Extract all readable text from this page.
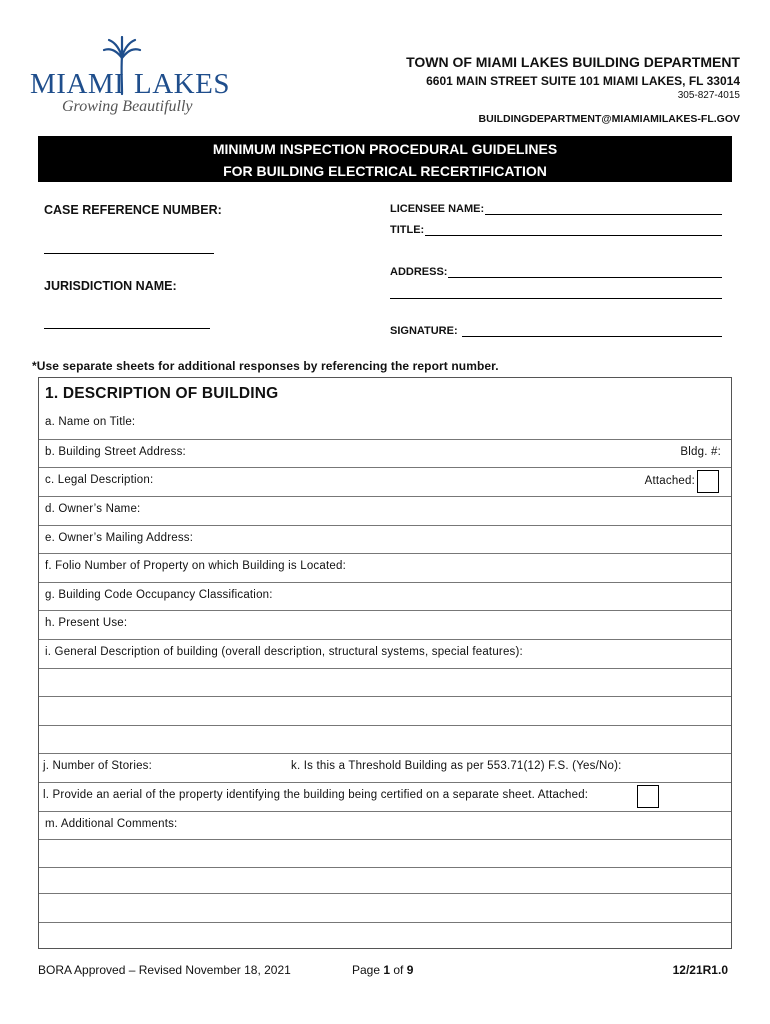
MIAMI LAKES
Growing Beautifully
TOWN OF MIAMI LAKES BUILDING DEPARTMENT
6601 MAIN STREET SUITE 101 MIAMI LAKES, FL 33014
305-827-4015
BUILDINGDEPARTMENT@MIAMIAMILAKES-FL.GOV
MINIMUM INSPECTION PROCEDURAL GUIDELINES
FOR BUILDING ELECTRICAL RECERTIFICATION
CASE REFERENCE NUMBER:
JURISDICTION NAME:
LICENSEE NAME:
TITLE:
ADDRESS:
SIGNATURE:
*Use separate sheets for additional responses by referencing the report number.
1. DESCRIPTION OF BUILDING
a. Name on Title:
b. Building Street Address:	Bldg. #:
c. Legal Description:	Attached:
d. Owner’s Name:
e. Owner’s Mailing Address:
f. Folio Number of Property on which Building is Located:
g. Building Code Occupancy Classification:
h. Present Use:
i. General Description of building (overall description, structural systems, special features):
j. Number of Stories:	k. Is this a Threshold Building as per 553.71(12) F.S. (Yes/No):
l. Provide an aerial of the property identifying the building being certified on a separate sheet. Attached:
m. Additional Comments:
BORA Approved – Revised November 18, 2021	Page 1 of 9	12/21R1.0
